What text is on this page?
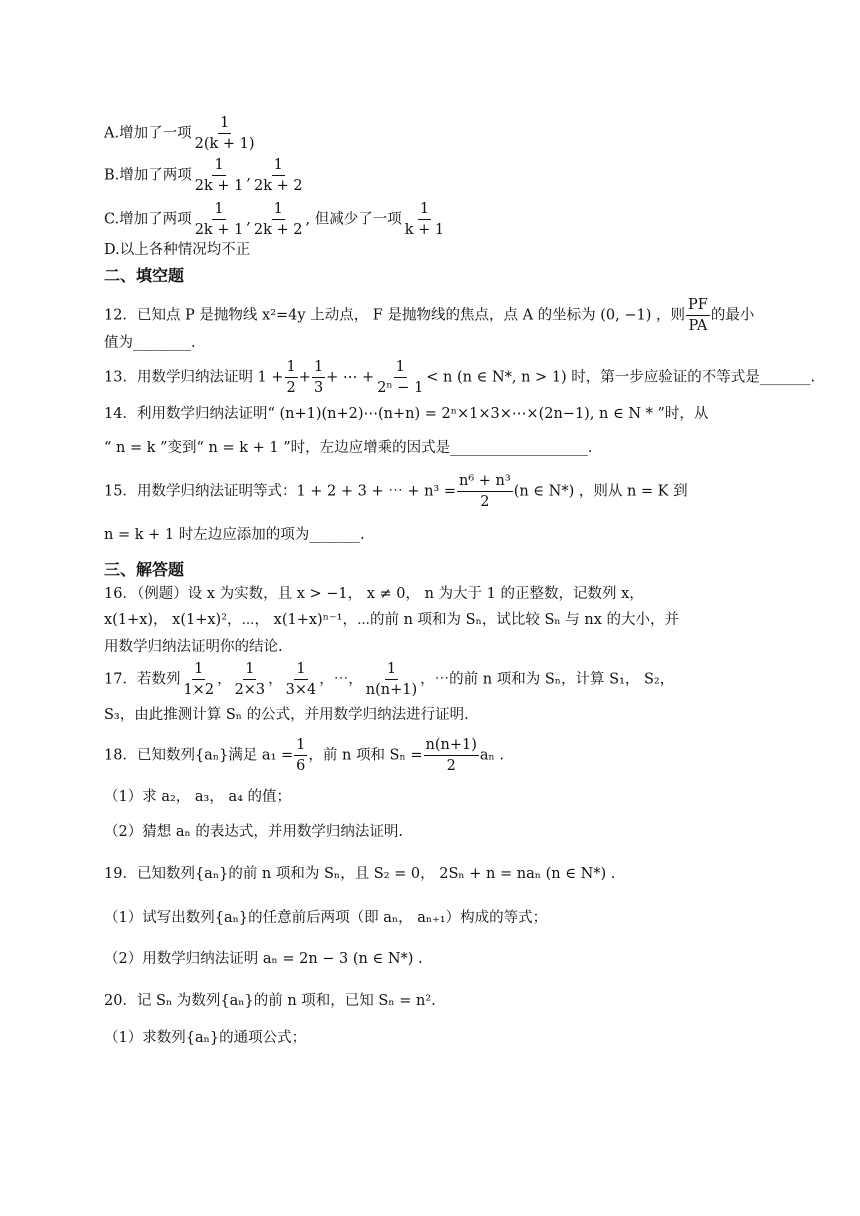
A.增加了一项 $\frac{1}{2(k + 1)}$
B.增加了两项 $\frac{1}{2k + 1}$ , $\frac{1}{2k + 2}$
C.增加了两项 $\frac{1}{2k + 1}$ , $\frac{1}{2k + 2}$ , 但减少了一项 $\frac{1}{k + 1}$
D.以上各种情况均不正
二、填空题
12．已知点 P 是抛物线 x²=4y 上动点， F 是抛物线的焦点，点 A 的坐标为 (0, −1) ，则 $\frac{PF}{PA}$ 的最小
值为________.
13．用数学归纳法证明 $1 + \frac{1}{2} + \frac{1}{3}$ + ⋯ + $\frac{1}{\text{2ⁿ − 1}} < n$ (n ∈ N*, n > 1) 时，第一步应验证的不等式是_______.
14．利用数学归纳法证明“ (n+1)(n+2)⋯(n+n) = 2ⁿ×1×3×⋯×(2n−1), n ∈ N * ”时，从
“ n = k ”变到“ n = k + 1 ”时，左边应增乘的因式是___________________.
15．用数学归纳法证明等式：1 + 2 + 3 + ⋯ + $n^3 = \frac{\text{n⁶ + n³}}{2} (n$ ∈ N*) ，则从 n = K 到
n = k + 1 时左边应添加的项为_______.
三、解答题
16．（例题）设 x 为实数，且 x > −1， x ≠ 0， n 为大于 1 的正整数，记数列 x，
x(1+x)， x(1+x)²，⋯， x(1+x)ⁿ⁻¹，⋯的前 n 项和为 Sₙ，试比较 Sₙ 与 nx 的大小，并
用数学归纳法证明你的结论.
17．若数列 $\frac{1}{1\times 2}$ ， $\frac{1}{2\times 3}$ ， $\frac{1}{3\times 4}$ ，⋯， $\frac{1}{n(n+1)}$ ，⋯的前 n 项和为 Sₙ，计算 S₁， S₂，
S₃，由此推测计算 Sₙ 的公式，并用数学归纳法进行证明.
18．已知数列{aₙ}满足 $a_1 = \frac{1}{6}$ ，前 n 项和 $S_n = \frac{n(n+1)}{2}$ aₙ .
（1）求 a₂， a₃， a₄ 的值；
（2）猜想 aₙ 的表达式，并用数学归纳法证明.
19．已知数列{aₙ}的前 n 项和为 Sₙ，且 S₂ = 0， 2Sₙ + n = naₙ (n ∈ N*) .
（1）试写出数列{aₙ}的任意前后两项（即 aₙ， aₙ₊₁）构成的等式；
（2）用数学归纳法证明 aₙ = 2n − 3 (n ∈ N*) .
20．记 Sₙ 为数列{aₙ}的前 n 项和，已知 Sₙ = n².
（1）求数列{aₙ}的通项公式；
